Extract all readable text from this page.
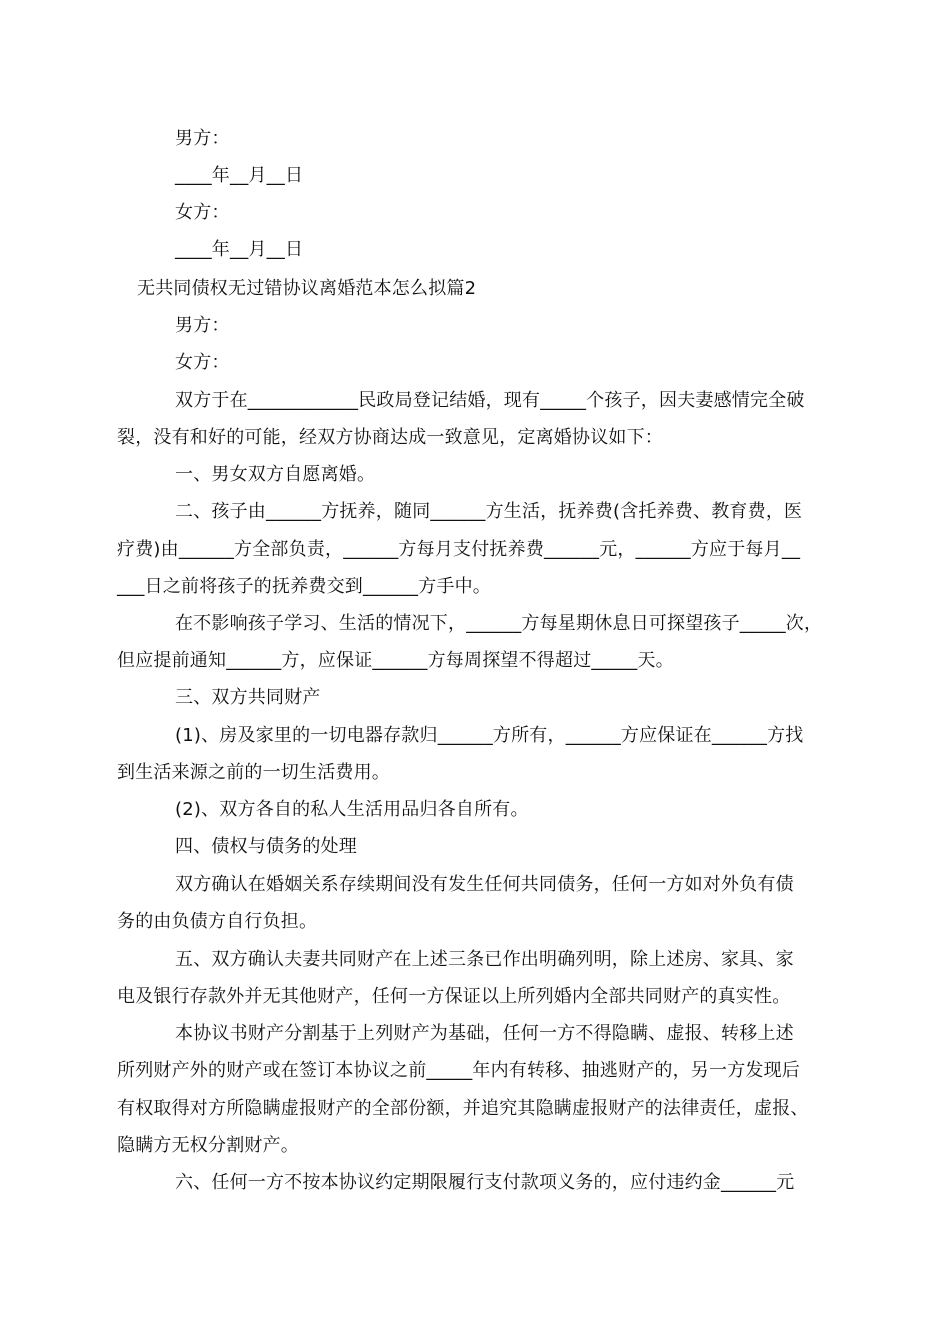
男方：
____年__月__日
女方：
____年__月__日
无共同债权无过错协议离婚范本怎么拟篇2
男方：
女方：
双方于在____________民政局登记结婚，现有_____个孩子，因夫妻感情完全破
裂，没有和好的可能，经双方协商达成一致意见，定离婚协议如下：
一、男女双方自愿离婚。
二、孩子由______方抚养，随同______方生活，抚养费(含托养费、教育费，医
疗费)由______方全部负责，______方每月支付抚养费______元，______方应于每月__
___日之前将孩子的抚养费交到______方手中。
在不影响孩子学习、生活的情况下，______方每星期休息日可探望孩子_____次，
但应提前通知______方，应保证______方每周探望不得超过_____天。
三、双方共同财产
(1)、房及家里的一切电器存款归______方所有，______方应保证在______方找
到生活来源之前的一切生活费用。
(2)、双方各自的私人生活用品归各自所有。
四、债权与债务的处理
双方确认在婚姻关系存续期间没有发生任何共同债务，任何一方如对外负有债
务的由负债方自行负担。
五、双方确认夫妻共同财产在上述三条已作出明确列明，除上述房、家具、家
电及银行存款外并无其他财产，任何一方保证以上所列婚内全部共同财产的真实性。
本协议书财产分割基于上列财产为基础，任何一方不得隐瞒、虚报、转移上述
所列财产外的财产或在签订本协议之前_____年内有转移、抽逃财产的，另一方发现后
有权取得对方所隐瞒虚报财产的全部份额，并追究其隐瞒虚报财产的法律责任，虚报、
隐瞒方无权分割财产。
六、任何一方不按本协议约定期限履行支付款项义务的，应付违约金______元
